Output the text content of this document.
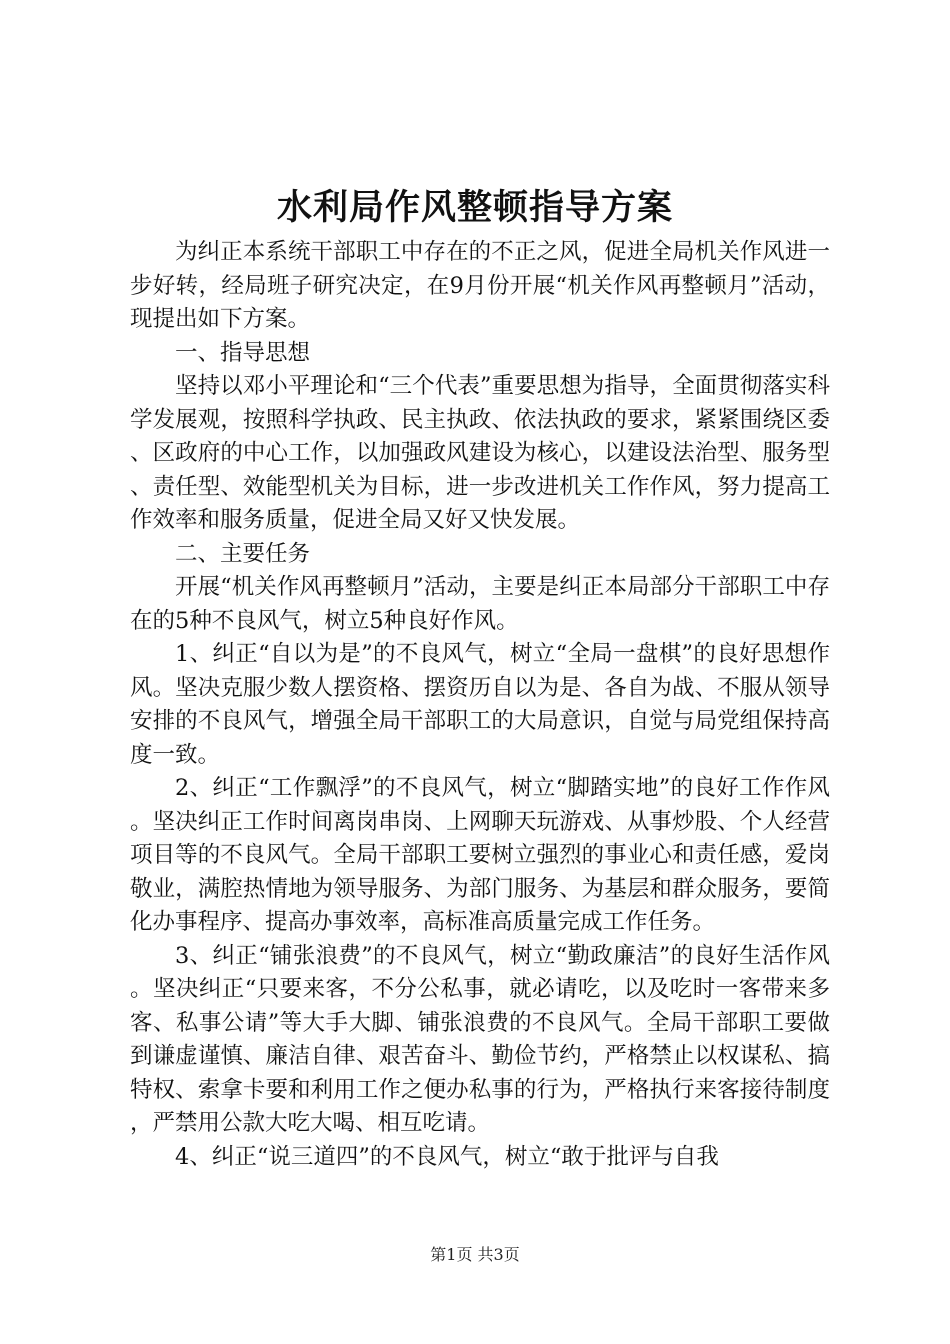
水利局作风整顿指导方案

为纠正本系统干部职工中存在的不正之风，促进全局机关作风进一步好转，经局班子研究决定，在9月份开展“机关作风再整顿月”活动，现提出如下方案。

一、指导思想

坚持以邓小平理论和“三个代表”重要思想为指导，全面贯彻落实科学发展观，按照科学执政、民主执政、依法执政的要求，紧紧围绕区委、区政府的中心工作，以加强政风建设为核心，以建设法治型、服务型、责任型、效能型机关为目标，进一步改进机关工作作风，努力提高工作效率和服务质量，促进全局又好又快发展。

二、主要任务

开展“机关作风再整顿月”活动，主要是纠正本局部分干部职工中存在的5种不良风气，树立5种良好作风。

1、纠正“自以为是”的不良风气，树立“全局一盘棋”的良好思想作风。坚决克服少数人摆资格、摆资历自以为是、各自为战、不服从领导安排的不良风气，增强全局干部职工的大局意识，自觉与局党组保持高度一致。

2、纠正“工作飘浮”的不良风气，树立“脚踏实地”的良好工作作风。坚决纠正工作时间离岗串岗、上网聊天玩游戏、从事炒股、个人经营项目等的不良风气。全局干部职工要树立强烈的事业心和责任感，爱岗敬业，满腔热情地为领导服务、为部门服务、为基层和群众服务，要简化办事程序、提高办事效率，高标准高质量完成工作任务。

3、纠正“铺张浪费”的不良风气，树立“勤政廉洁”的良好生活作风。坚决纠正“只要来客，不分公私事，就必请吃，以及吃时一客带来多客、私事公请”等大手大脚、铺张浪费的不良风气。全局干部职工要做到谦虚谨慎、廉洁自律、艰苦奋斗、勤俭节约，严格禁止以权谋私、搞特权、索拿卡要和利用工作之便办私事的行为，严格执行来客接待制度，严禁用公款大吃大喝、相互吃请。

4、纠正“说三道四”的不良风气，树立“敢于批评与自我

第1页 共3页
